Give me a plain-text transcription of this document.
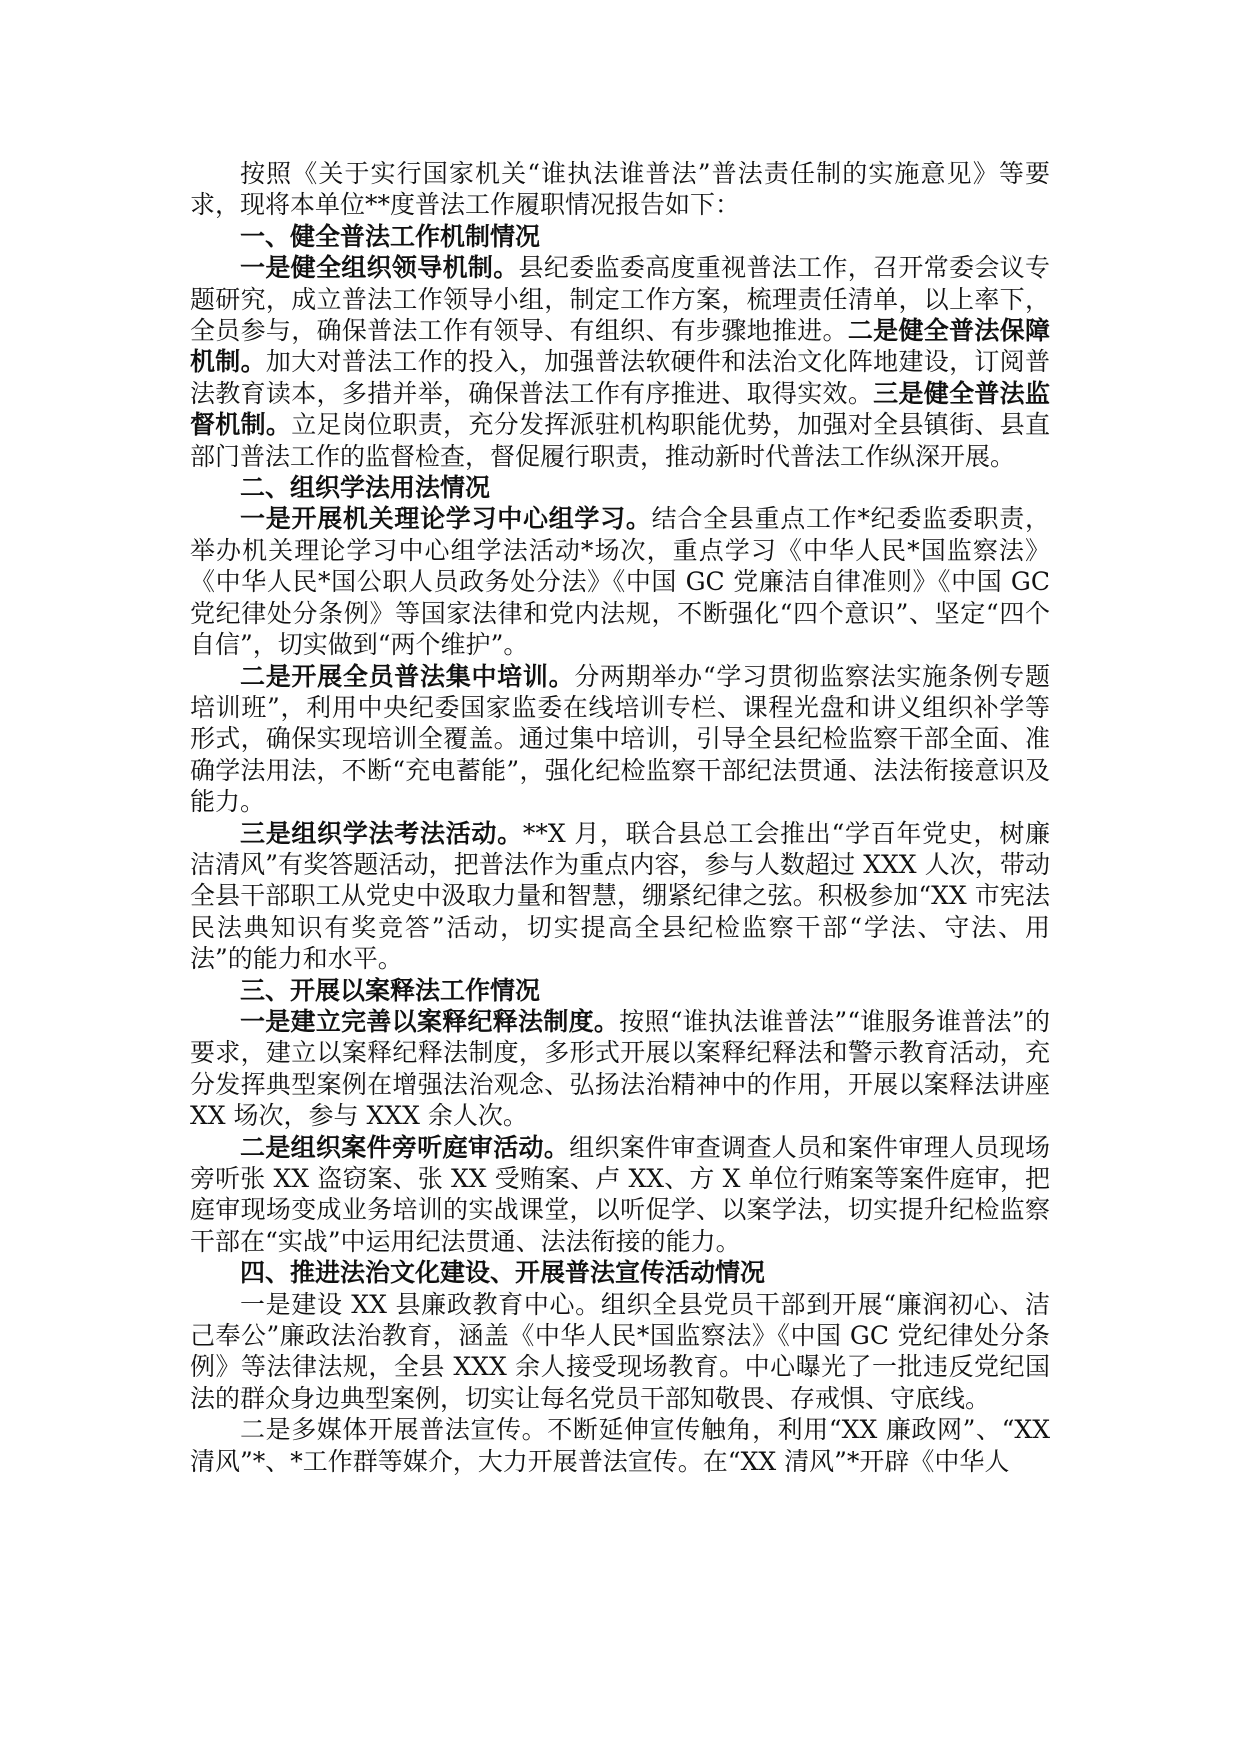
按照《关于实行国家机关“谁执法谁普法”普法责任制的实施意见》等要求，现将本单位**度普法工作履职情况报告如下：

一、健全普法工作机制情况

一是健全组织领导机制。县纪委监委高度重视普法工作，召开常委会议专题研究，成立普法工作领导小组，制定工作方案，梳理责任清单，以上率下，全员参与，确保普法工作有领导、有组织、有步骤地推进。二是健全普法保障机制。加大对普法工作的投入，加强普法软硬件和法治文化阵地建设，订阅普法教育读本，多措并举，确保普法工作有序推进、取得实效。三是健全普法监督机制。立足岗位职责，充分发挥派驻机构职能优势，加强对全县镇街、县直部门普法工作的监督检查，督促履行职责，推动新时代普法工作纵深开展。

二、组织学法用法情况

一是开展机关理论学习中心组学习。结合全县重点工作*纪委监委职责，举办机关理论学习中心组学法活动*场次，重点学习《中华人民*国监察法》《中华人民*国公职人员政务处分法》《中国 GC 党廉洁自律准则》《中国 GC 党纪律处分条例》等国家法律和党内法规，不断强化“四个意识”、坚定“四个自信”，切实做到“两个维护”。

二是开展全员普法集中培训。分两期举办“学习贯彻监察法实施条例专题培训班”，利用中央纪委国家监委在线培训专栏、课程光盘和讲义组织补学等形式，确保实现培训全覆盖。通过集中培训，引导全县纪检监察干部全面、准确学法用法，不断“充电蓄能”，强化纪检监察干部纪法贯通、法法衔接意识及能力。

三是组织学法考法活动。**X 月，联合县总工会推出“学百年党史，树廉洁清风”有奖答题活动，把普法作为重点内容，参与人数超过 XXX 人次，带动全县干部职工从党史中汲取力量和智慧，绷紧纪律之弦。积极参加“XX 市宪法民法典知识有奖竞答”活动，切实提高全县纪检监察干部“学法、守法、用法”的能力和水平。

三、开展以案释法工作情况

一是建立完善以案释纪释法制度。按照“谁执法谁普法”“谁服务谁普法”的要求，建立以案释纪释法制度，多形式开展以案释纪释法和警示教育活动，充分发挥典型案例在增强法治观念、弘扬法治精神中的作用，开展以案释法讲座 XX 场次，参与 XXX 余人次。

二是组织案件旁听庭审活动。组织案件审查调查人员和案件审理人员现场旁听张 XX 盗窃案、张 XX 受贿案、卢 XX、方 X 单位行贿案等案件庭审，把庭审现场变成业务培训的实战课堂，以听促学、以案学法，切实提升纪检监察干部在“实战”中运用纪法贯通、法法衔接的能力。

四、推进法治文化建设、开展普法宣传活动情况

一是建设 XX 县廉政教育中心。组织全县党员干部到开展“廉润初心、洁己奉公”廉政法治教育，涵盖《中华人民*国监察法》《中国 GC 党纪律处分条例》等法律法规，全县 XXX 余人接受现场教育。中心曝光了一批违反党纪国法的群众身边典型案例，切实让每名党员干部知敬畏、存戒惧、守底线。

二是多媒体开展普法宣传。不断延伸宣传触角，利用“XX 廉政网”、“XX 清风”*、*工作群等媒介，大力开展普法宣传。在“XX 清风”*开辟《中华人
